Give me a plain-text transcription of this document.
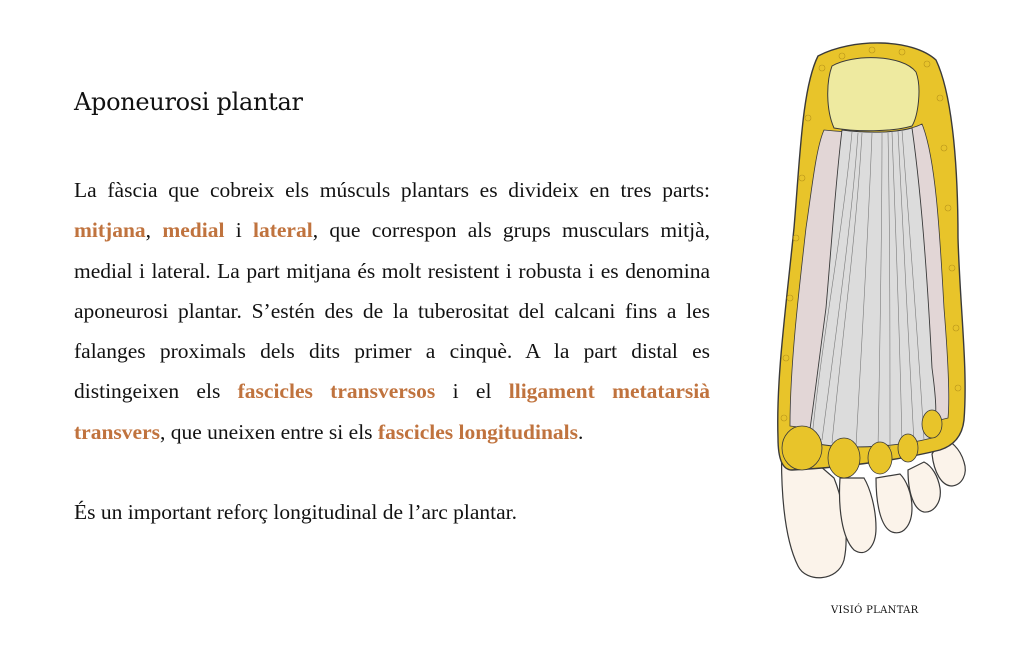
Aponeurosi plantar

La fàscia que cobreix els músculs plantars es divideix en tres parts: mitjana, medial i lateral, que correspon als grups musculars mitjà, medial i lateral. La part mitjana és molt resistent i robusta i es denomina aponeurosi plantar. S’estén des de la tuberositat del calcani fins a les falanges proximals dels dits primer a cinquè. A la part distal es distingeixen els fascicles transversos i el lligament metatarsià transvers, que uneixen entre si els fascicles longitudinals.

És un important reforç longitudinal de l’arc plantar.

VISIÓ PLANTAR
